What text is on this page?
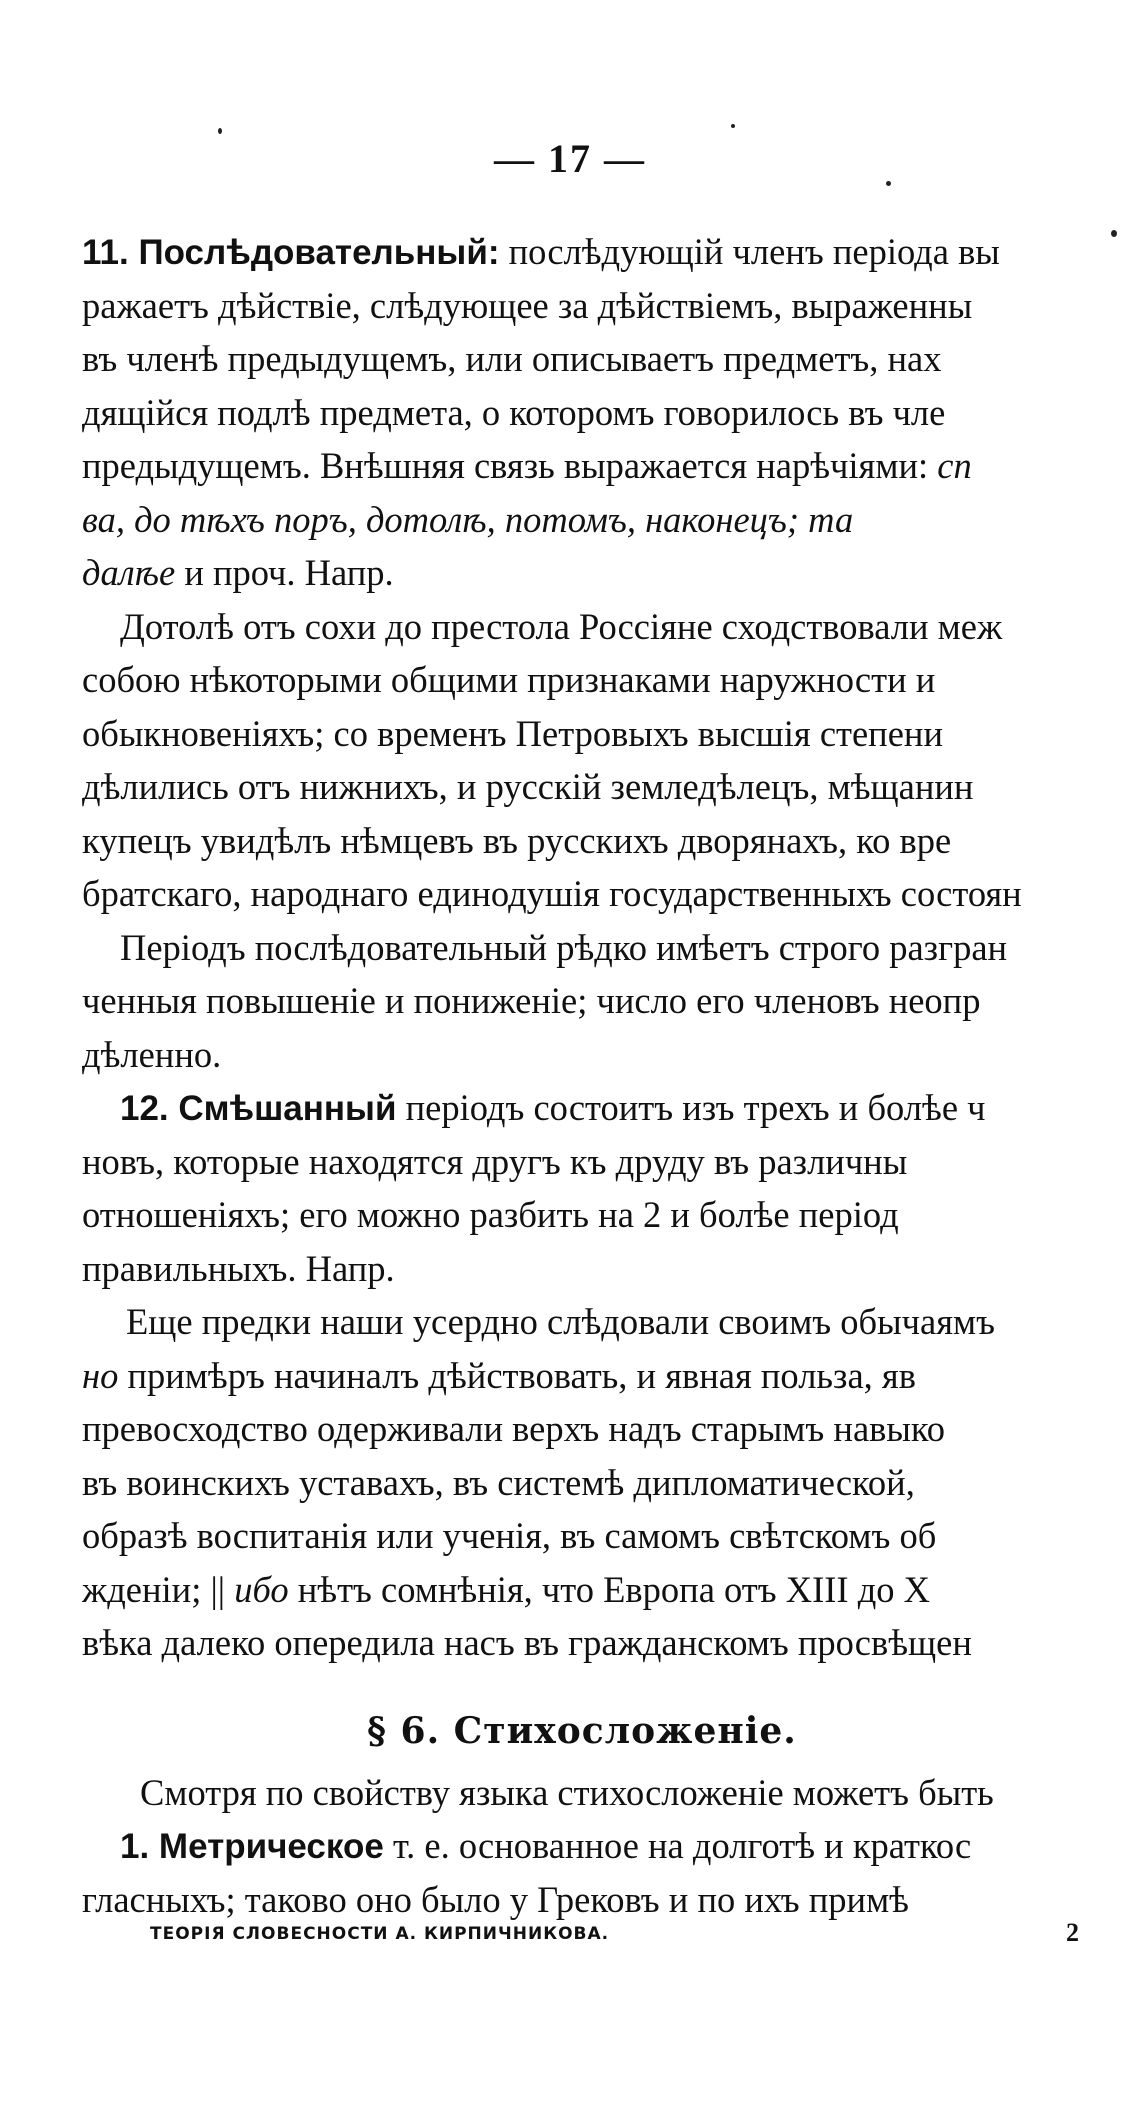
— 17 —
11. Послѣдовательный: послѣдующій членъ періода вы
ражаетъ дѣйствіе, слѣдующее за дѣйствіемъ, выраженны
въ членѣ предыдущемъ, или описываетъ предметъ, нах
дящійся подлѣ предмета, о которомъ говорилось въ чле
предыдущемъ. Внѣшняя связь выражается нарѣчіями: сп
ва, до тѣхъ поръ, дотолѣ, потомъ, наконецъ; та
далѣе и проч. Напр.
Дотолѣ отъ сохи до престола Россіяне сходствовали меж
собою нѣкоторыми общими признаками наружности и
обыкновеніяхъ; со временъ Петровыхъ высшія степени
дѣлились отъ нижнихъ, и русскій земледѣлецъ, мѣщанин
купецъ увидѣлъ нѣмцевъ въ русскихъ дворянахъ, ко вре
братскаго, народнаго единодушія государственныхъ состоян
Періодъ послѣдовательный рѣдко имѣетъ строго разгран
ченныя повышеніе и пониженіе; число его членовъ неопр
дѣленно.
12. Смѣшанный періодъ состоитъ изъ трехъ и болѣе ч
новъ, которые находятся другъ къ друду въ различны
отношеніяхъ; его можно разбить на 2 и болѣе період
правильныхъ. Напр.
Еще предки наши усердно слѣдовали своимъ обычаямъ
но примѣръ начиналъ дѣйствовать, и явная польза, яв
превосходство одерживали верхъ надъ старымъ навыко
въ воинскихъ уставахъ, въ системѣ дипломатической,
образѣ воспитанія или ученія, въ самомъ свѣтскомъ об
жденіи; || ибо нѣтъ сомнѣнія, что Европа отъ XIII до X
вѣка далеко опередила насъ въ гражданскомъ просвѣщен
§ 6. Стихосложеніе.
Смотря по свойству языка стихосложеніе можетъ быть
1. Метрическое т. е. основанное на долготѣ и краткос
гласныхъ; таково оно было у Грековъ и по ихъ примѣ
ТЕОРІЯ СЛОВЕСНОСТИ А. КИРПИЧНИКОВА.	2
